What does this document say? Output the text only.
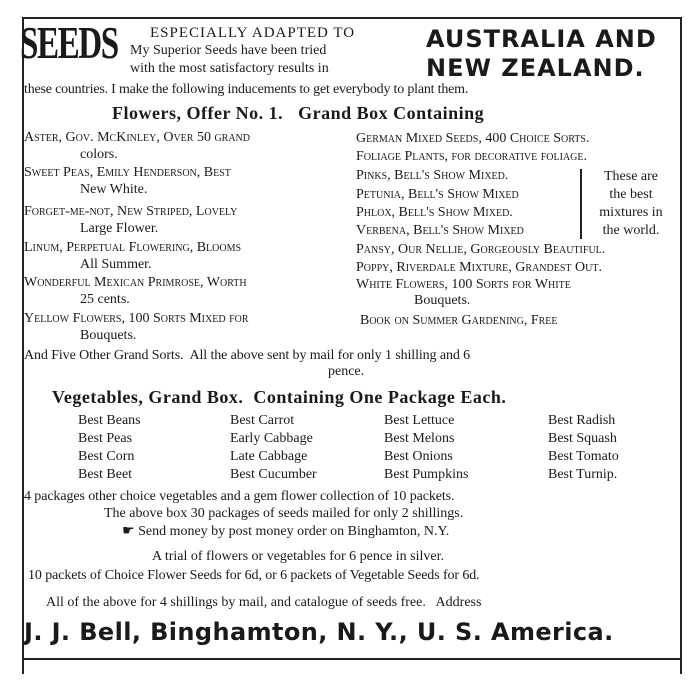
SEEDS ESPECIALLY ADAPTED TO
My Superior Seeds have been tried
with the most satisfactory results in
AUSTRALIA AND
NEW ZEALAND.
these countries. I make the following inducements to get everybody to plant them.
Flowers, Offer No. 1.   Grand Box Containing
Aster, Gov. McKinley, Over 50 grand
colors.
Sweet Peas, Emily Henderson, Best
New White.
Forget-me-not, New Striped, Lovely
Large Flower.
Linum, Perpetual Flowering, Blooms
All Summer.
Wonderful Mexican Primrose, Worth
25 cents.
Yellow Flowers, 100 Sorts Mixed for
Bouquets.
German Mixed Seeds, 400 Choice Sorts.
Foliage Plants, for decorative foliage.
Pinks, Bell's Show Mixed.
Petunia, Bell's Show Mixed
Phlox, Bell's Show Mixed.
Verbena, Bell's Show Mixed
These are
the best
mixtures in
the world.
Pansy, Our Nellie, Gorgeously Beautiful.
Poppy, Riverdale Mixture, Grandest Out.
White Flowers, 100 Sorts for White
Bouquets.
Book on Summer Gardening, Free
And Five Other Grand Sorts.  All the above sent by mail for only 1 shilling and 6
pence.
Vegetables, Grand Box.  Containing One Package Each.
Best Beans
Best Peas
Best Corn
Best Beet
Best Carrot
Early Cabbage
Late Cabbage
Best Cucumber
Best Lettuce
Best Melons
Best Onions
Best Pumpkins
Best Radish
Best Squash
Best Tomato
Best Turnip.
4 packages other choice vegetables and a gem flower collection of 10 packets.
The above box 30 packages of seeds mailed for only 2 shillings.
☛ Send money by post money order on Binghamton, N.Y.
A trial of flowers or vegetables for 6 pence in silver.
10 packets of Choice Flower Seeds for 6d, or 6 packets of Vegetable Seeds for 6d.
All of the above for 4 shillings by mail, and catalogue of seeds free.   Address
J. J. Bell, Binghamton, N. Y., U. S. America.
